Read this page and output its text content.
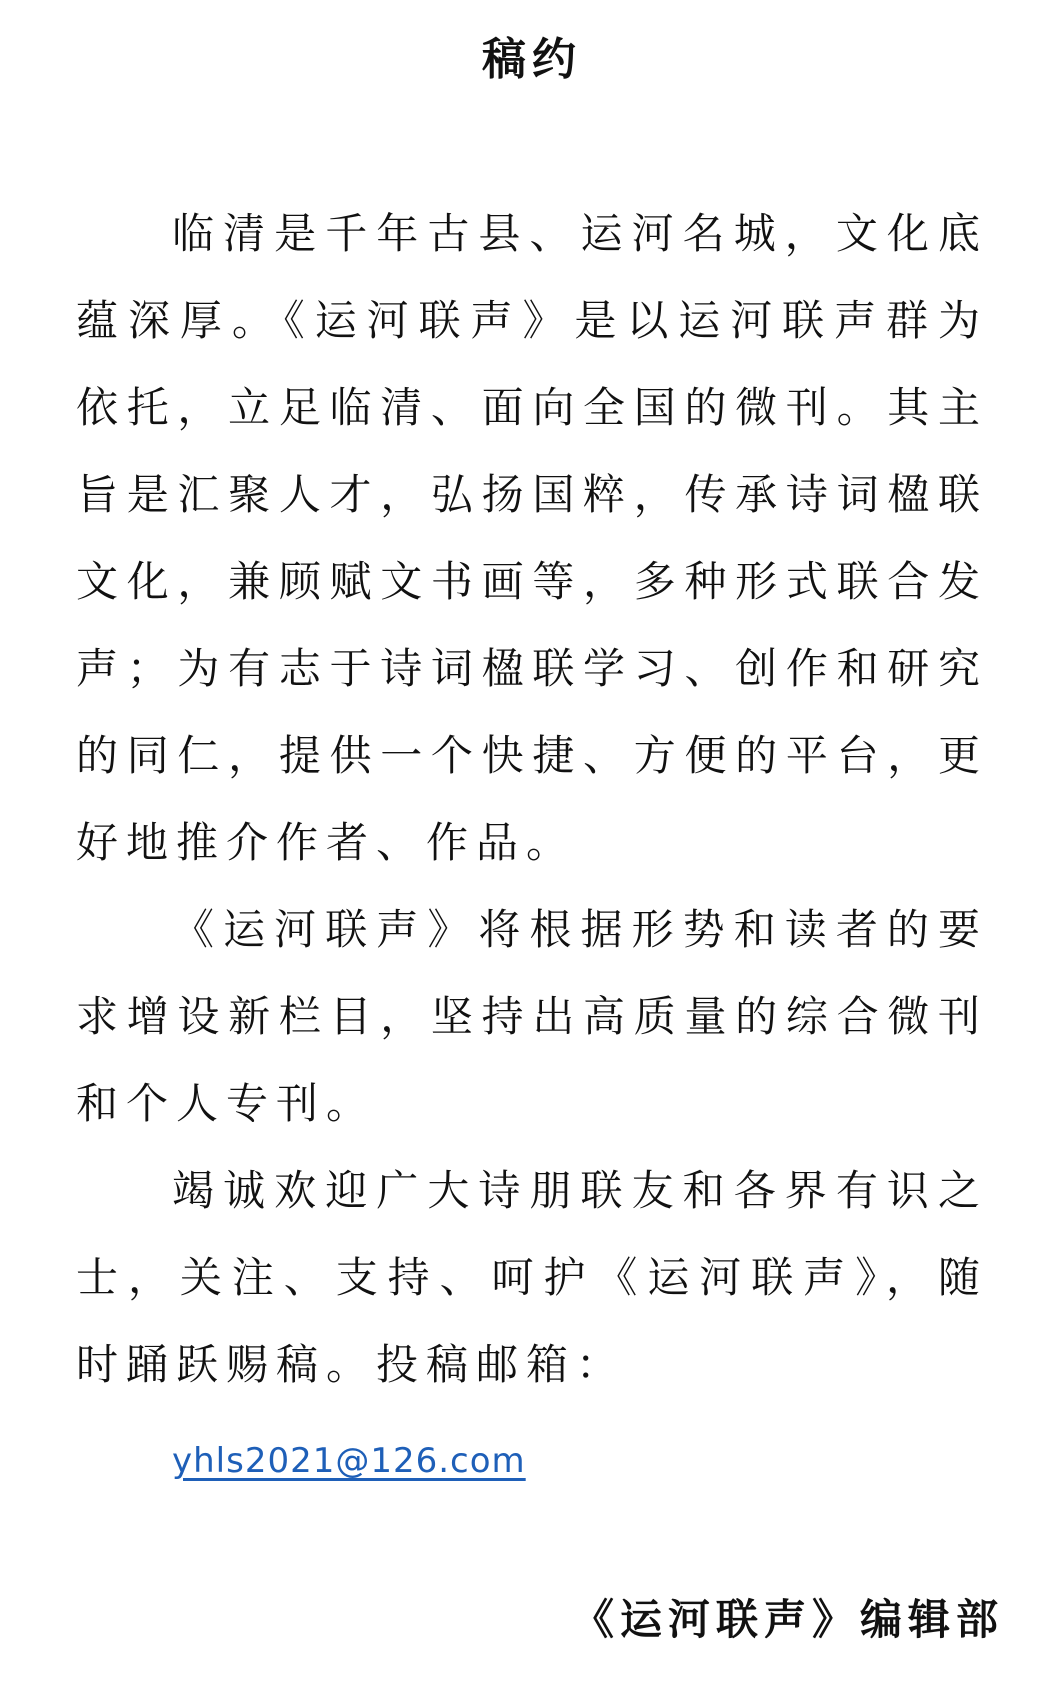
稿约

临清是千年古县、运河名城，文化底蕴深厚。《运河联声》是以运河联声群为依托，立足临清、面向全国的微刊。其主旨是汇聚人才，弘扬国粹，传承诗词楹联文化，兼顾赋文书画等，多种形式联合发声；为有志于诗词楹联学习、创作和研究的同仁，提供一个快捷、方便的平台，更好地推介作者、作品。

《运河联声》将根据形势和读者的要求增设新栏目，坚持出高质量的综合微刊和个人专刊。

竭诚欢迎广大诗朋联友和各界有识之士，关注、支持、呵护《运河联声》，随时踊跃赐稿。投稿邮箱：

yhls2021@126.com

《运河联声》编辑部
